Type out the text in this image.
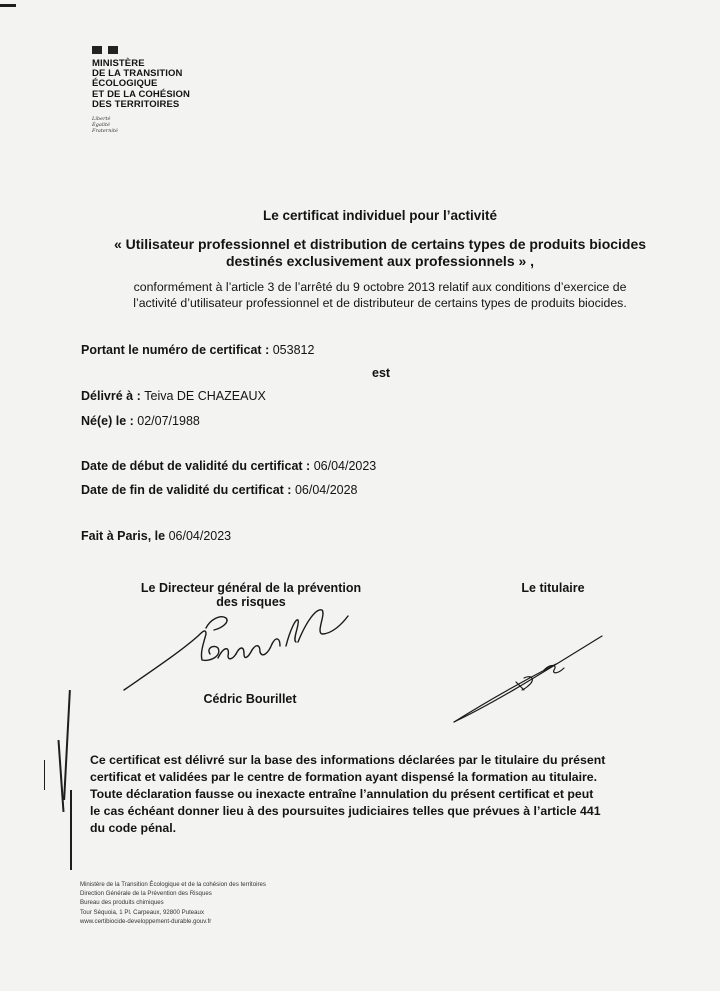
MINISTÈRE
DE LA TRANSITION
ÉCOLOGIQUE
ET DE LA COHÉSION
DES TERRITOIRES
Liberté
Égalité
Fraternité
Le certificat individuel pour l’activité
« Utilisateur professionnel et distribution de certains types de produits biocides
destinés exclusivement aux professionnels » ,
conformément à l’article 3 de l’arrêté du 9 octobre 2013 relatif aux conditions d’exercice de
l’activité d’utilisateur professionnel et de distributeur de certains types de produits biocides.
Portant le numéro de certificat : 053812
est
Délivré à : Teiva DE CHAZEAUX
Né(e) le : 02/07/1988
Date de début de validité du certificat : 06/04/2023
Date de fin de validité du certificat : 06/04/2028
Fait à Paris, le 06/04/2023
Le Directeur général de la prévention
des risques
Le titulaire
Cédric Bourillet
Ce certificat est délivré sur la base des informations déclarées par le titulaire du présent
certificat et validées par le centre de formation ayant dispensé la formation au titulaire.
Toute déclaration fausse ou inexacte entraîne l’annulation du présent certificat et peut
le cas échéant donner lieu à des poursuites judiciaires telles que prévues à l’article 441
du code pénal.
Ministère de la Transition Écologique et de la cohésion des territoires
Direction Générale de la Prévention des Risques
Bureau des produits chimiques
Tour Séquoia, 1 Pl. Carpeaux, 92800 Puteaux
www.certibiocide-developpement-durable.gouv.fr
